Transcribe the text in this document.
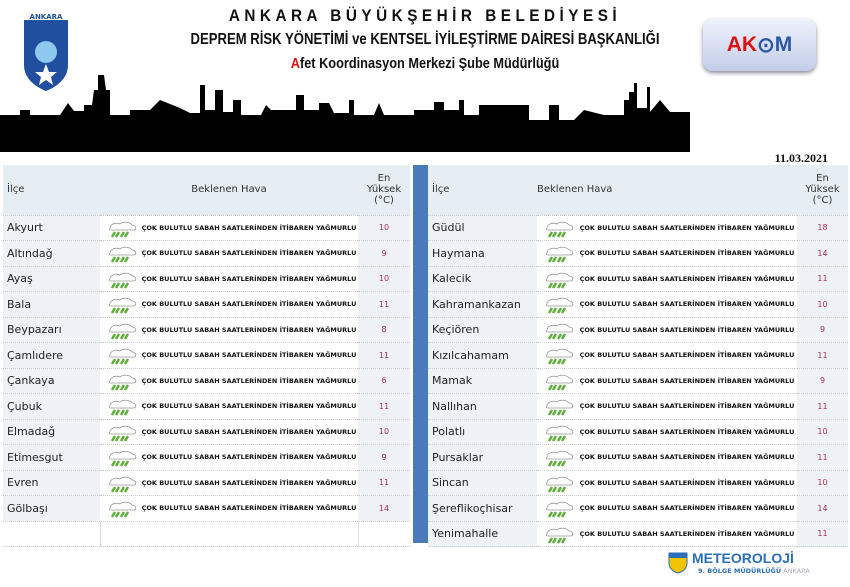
ANKARA	ANKARA BÜYÜKŞEHİR BELEDİYESİ
DEPREM RİSK YÖNETİMİ ve KENTSEL İYİLEŞTİRME DAİRESİ BAŞKANLIĞI
Afet Koordinasyon Merkezi Şube Müdürlüğü
AK ⊙ M
11.03.2021
İlçe	Beklenen Hava	En
Yüksek
(°C)
Akyurt	ÇOK BULUTLU SABAH SAATLERİNDEN İTİBAREN YAĞMURLU	10
Altındağ	ÇOK BULUTLU SABAH SAATLERİNDEN İTİBAREN YAĞMURLU	9
Ayaş	ÇOK BULUTLU SABAH SAATLERİNDEN İTİBAREN YAĞMURLU	10
Bala	ÇOK BULUTLU SABAH SAATLERİNDEN İTİBAREN YAĞMURLU	11
Beypazarı	ÇOK BULUTLU SABAH SAATLERİNDEN İTİBAREN YAĞMURLU	8
Çamlıdere	ÇOK BULUTLU SABAH SAATLERİNDEN İTİBAREN YAĞMURLU	11
Çankaya	ÇOK BULUTLU SABAH SAATLERİNDEN İTİBAREN YAĞMURLU	6
Çubuk	ÇOK BULUTLU SABAH SAATLERİNDEN İTİBAREN YAĞMURLU	11
Elmadağ	ÇOK BULUTLU SABAH SAATLERİNDEN İTİBAREN YAĞMURLU	10
Etimesgut	ÇOK BULUTLU SABAH SAATLERİNDEN İTİBAREN YAĞMURLU	9
Evren	ÇOK BULUTLU SABAH SAATLERİNDEN İTİBAREN YAĞMURLU	11
Gölbaşı	ÇOK BULUTLU SABAH SAATLERİNDEN İTİBAREN YAĞMURLU	14

İlçe	Beklenen Hava	En
Yüksek
(°C)
Güdül	ÇOK BULUTLU SABAH SAATLERİNDEN İTİBAREN YAĞMURLU	18
Haymana	ÇOK BULUTLU SABAH SAATLERİNDEN İTİBAREN YAĞMURLU	14
Kalecik	ÇOK BULUTLU SABAH SAATLERİNDEN İTİBAREN YAĞMURLU	11
Kahramankazan	ÇOK BULUTLU SABAH SAATLERİNDEN İTİBAREN YAĞMURLU	10
Keçiören	ÇOK BULUTLU SABAH SAATLERİNDEN İTİBAREN YAĞMURLU	9
Kızılcahamam	ÇOK BULUTLU SABAH SAATLERİNDEN İTİBAREN YAĞMURLU	11
Mamak	ÇOK BULUTLU SABAH SAATLERİNDEN İTİBAREN YAĞMURLU	9
Nallıhan	ÇOK BULUTLU SABAH SAATLERİNDEN İTİBAREN YAĞMURLU	11
Polatlı	ÇOK BULUTLU SABAH SAATLERİNDEN İTİBAREN YAĞMURLU	10
Pursaklar	ÇOK BULUTLU SABAH SAATLERİNDEN İTİBAREN YAĞMURLU	11
Sincan	ÇOK BULUTLU SABAH SAATLERİNDEN İTİBAREN YAĞMURLU	10
Şereflikoçhisar	ÇOK BULUTLU SABAH SAATLERİNDEN İTİBAREN YAĞMURLU	14
Yenimahalle	ÇOK BULUTLU SABAH SAATLERİNDEN İTİBAREN YAĞMURLU	11
METEOROLOJİ
9. BÖLGE MÜDÜRLÜĞÜ ANKARA
